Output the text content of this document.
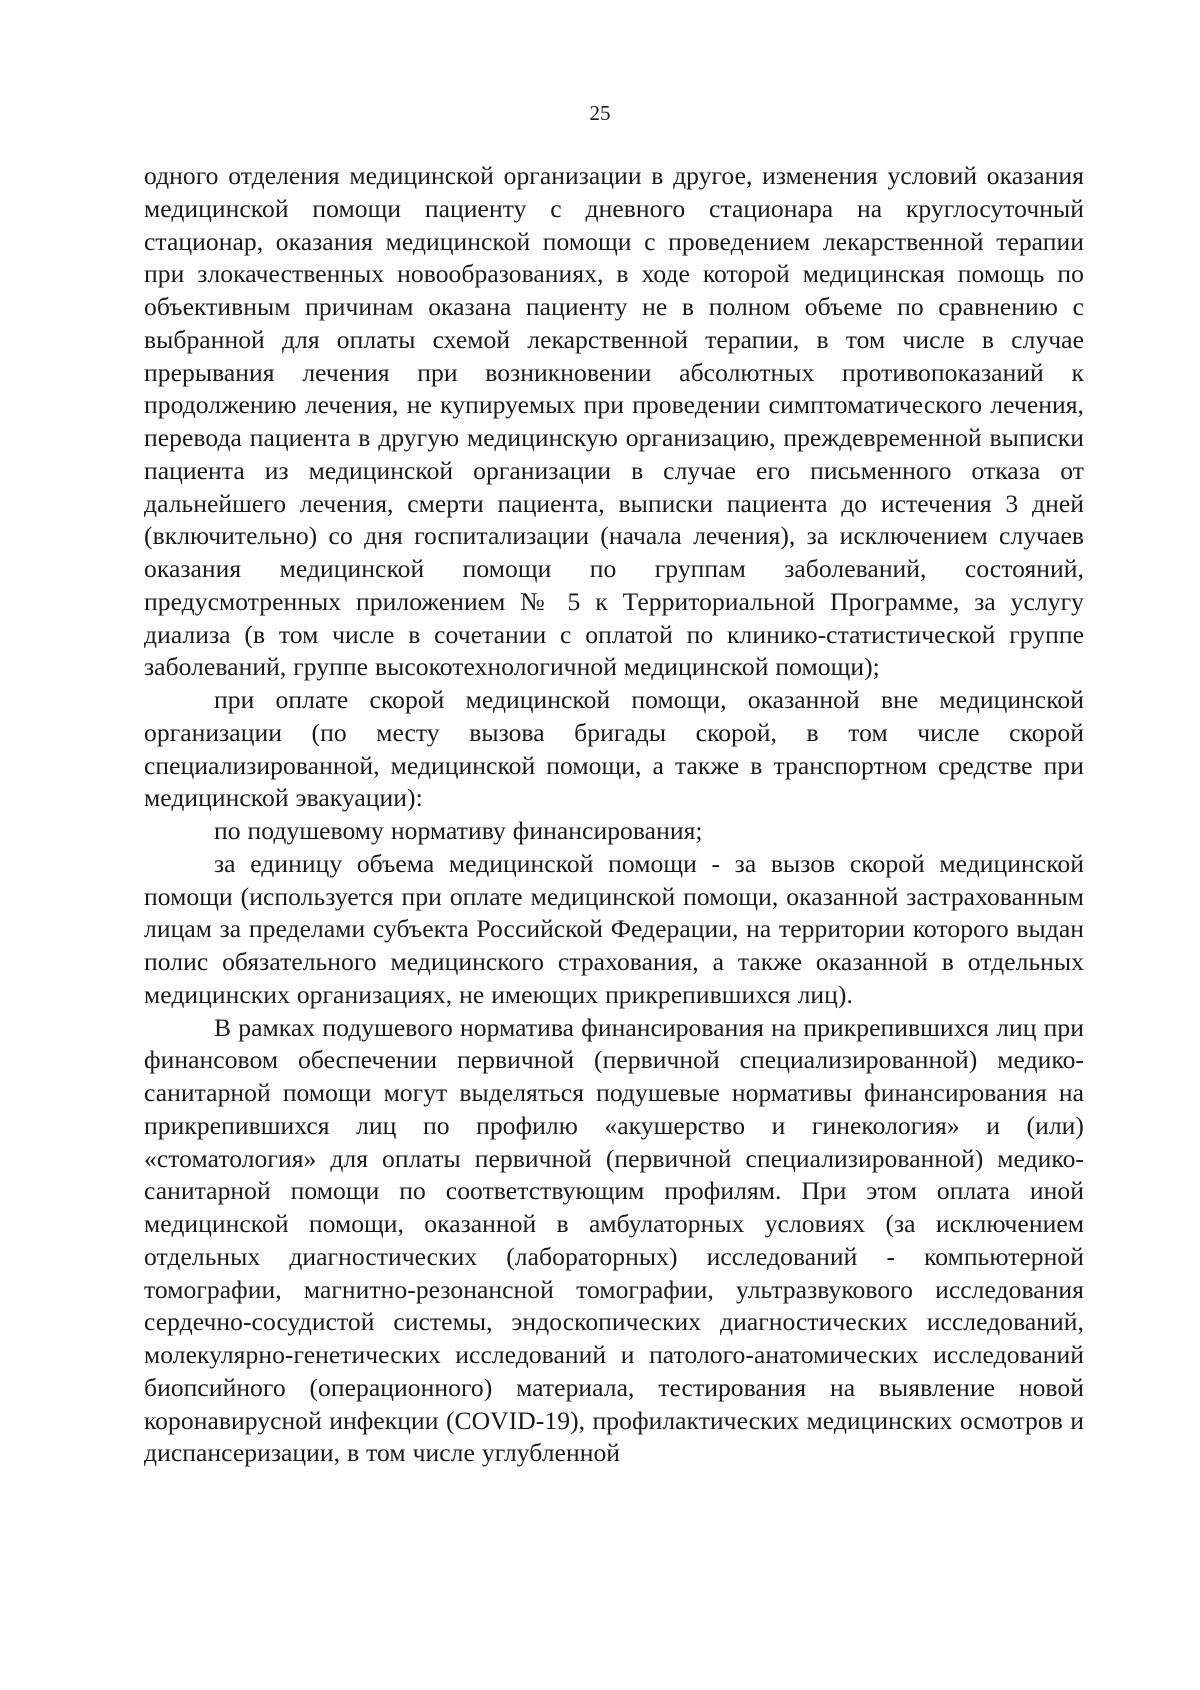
25

одного отделения медицинской организации в другое, изменения условий оказания медицинской помощи пациенту с дневного стационара на круглосуточный стационар, оказания медицинской помощи с проведением лекарственной терапии при злокачественных новообразованиях, в ходе которой медицинская помощь по объективным причинам оказана пациенту не в полном объеме по сравнению с выбранной для оплаты схемой лекарственной терапии, в том числе в случае прерывания лечения при возникновении абсолютных противопоказаний к продолжению лечения, не купируемых при проведении симптоматического лечения, перевода пациента в другую медицинскую организацию, преждевременной выписки пациента из медицинской организации в случае его письменного отказа от дальнейшего лечения, смерти пациента, выписки пациента до истечения 3 дней (включительно) со дня госпитализации (начала лечения), за исключением случаев оказания медицинской помощи по группам заболеваний, состояний, предусмотренных приложением № 5 к Территориальной Программе, за услугу диализа (в том числе в сочетании с оплатой по клинико-статистической группе заболеваний, группе высокотехнологичной медицинской помощи);

при оплате скорой медицинской помощи, оказанной вне медицинской организации (по месту вызова бригады скорой, в том числе скорой специализированной, медицинской помощи, а также в транспортном средстве при медицинской эвакуации):

по подушевому нормативу финансирования;

за единицу объема медицинской помощи - за вызов скорой медицинской помощи (используется при оплате медицинской помощи, оказанной застрахованным лицам за пределами субъекта Российской Федерации, на территории которого выдан полис обязательного медицинского страхования, а также оказанной в отдельных медицинских организациях, не имеющих прикрепившихся лиц).

В рамках подушевого норматива финансирования на прикрепившихся лиц при финансовом обеспечении первичной (первичной специализированной) медико-санитарной помощи могут выделяться подушевые нормативы финансирования на прикрепившихся лиц по профилю «акушерство и гинекология» и (или) «стоматология» для оплаты первичной (первичной специализированной) медико-санитарной помощи по соответствующим профилям. При этом оплата иной медицинской помощи, оказанной в амбулаторных условиях (за исключением отдельных диагностических (лабораторных) исследований - компьютерной томографии, магнитно-резонансной томографии, ультразвукового исследования сердечно-сосудистой системы, эндоскопических диагностических исследований, молекулярно-генетических исследований и патолого-анатомических исследований биопсийного (операционного) материала, тестирования на выявление новой коронавирусной инфекции (COVID-19), профилактических медицинских осмотров и диспансеризации, в том числе углубленной
